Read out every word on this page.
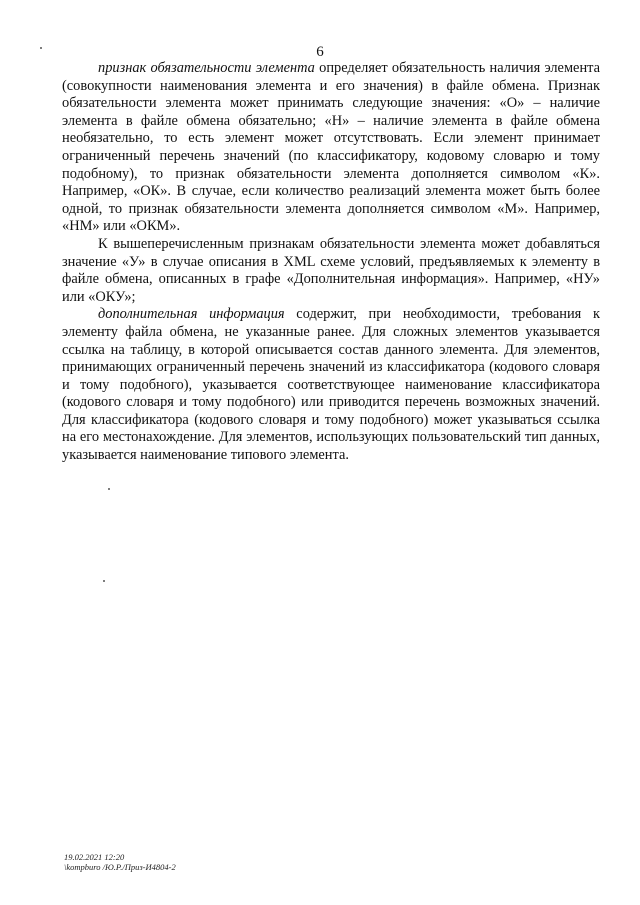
6

признак обязательности элемента определяет обязательность наличия элемента (совокупности наименования элемента и его значения) в файле обмена. Признак обязательности элемента может принимать следующие значения: «О» – наличие элемента в файле обмена обязательно; «Н» – наличие элемента в файле обмена необязательно, то есть элемент может отсутствовать. Если элемент принимает ограниченный перечень значений (по классификатору, кодовому словарю и тому подобному), то признак обязательности элемента дополняется символом «К». Например, «ОК». В случае, если количество реализаций элемента может быть более одной, то признак обязательности элемента дополняется символом «М». Например, «НМ» или «ОКМ».

К вышеперечисленным признакам обязательности элемента может добавляться значение «У» в случае описания в XML схеме условий, предъявляемых к элементу в файле обмена, описанных в графе «Дополнительная информация». Например, «НУ» или «ОКУ»;

дополнительная информация содержит, при необходимости, требования к элементу файла обмена, не указанные ранее. Для сложных элементов указывается ссылка на таблицу, в которой описывается состав данного элемента. Для элементов, принимающих ограниченный перечень значений из классификатора (кодового словаря и тому подобного), указывается соответствующее наименование классификатора (кодового словаря и тому подобного) или приводится перечень возможных значений. Для классификатора (кодового словаря и тому подобного) может указываться ссылка на его местонахождение. Для элементов, использующих пользовательский тип данных, указывается наименование типового элемента.

19.02.2021 12:20
\kompburo /Ю.Р./Приз-И4804-2
